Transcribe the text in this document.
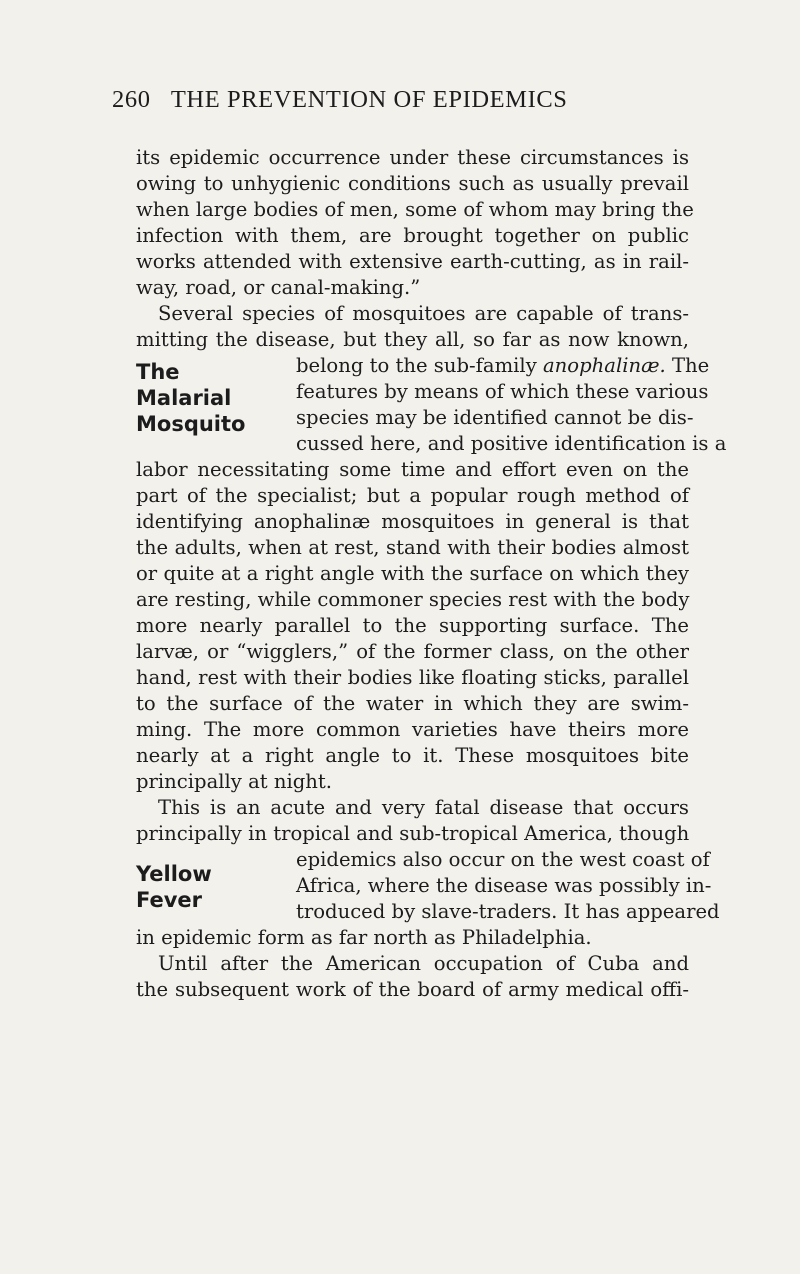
260 THE PREVENTION OF EPIDEMICS
The
Malarial
Mosquito
Yellow
Fever
its epidemic occurrence under these circumstances is
owing to unhygienic conditions such as usually prevail
when large bodies of men, some of whom may bring the
infection with them, are brought together on public
works attended with extensive earth-cutting, as in rail-
way, road, or canal-making.”
Several species of mosquitoes are capable of trans-
mitting the disease, but they all, so far as now known,
belong to the sub-family anophalinæ. The
features by means of which these various
species may be identified cannot be dis-
cussed here, and positive identification is a
labor necessitating some time and effort even on the
part of the specialist; but a popular rough method of
identifying anophalinæ mosquitoes in general is that
the adults, when at rest, stand with their bodies almost
or quite at a right angle with the surface on which they
are resting, while commoner species rest with the body
more nearly parallel to the supporting surface. The
larvæ, or “wigglers,” of the former class, on the other
hand, rest with their bodies like floating sticks, parallel
to the surface of the water in which they are swim-
ming. The more common varieties have theirs more
nearly at a right angle to it. These mosquitoes bite
principally at night.
This is an acute and very fatal disease that occurs
principally in tropical and sub-tropical America, though
epidemics also occur on the west coast of
Africa, where the disease was possibly in-
troduced by slave-traders. It has appeared
in epidemic form as far north as Philadelphia.
Until after the American occupation of Cuba and
the subsequent work of the board of army medical offi-
